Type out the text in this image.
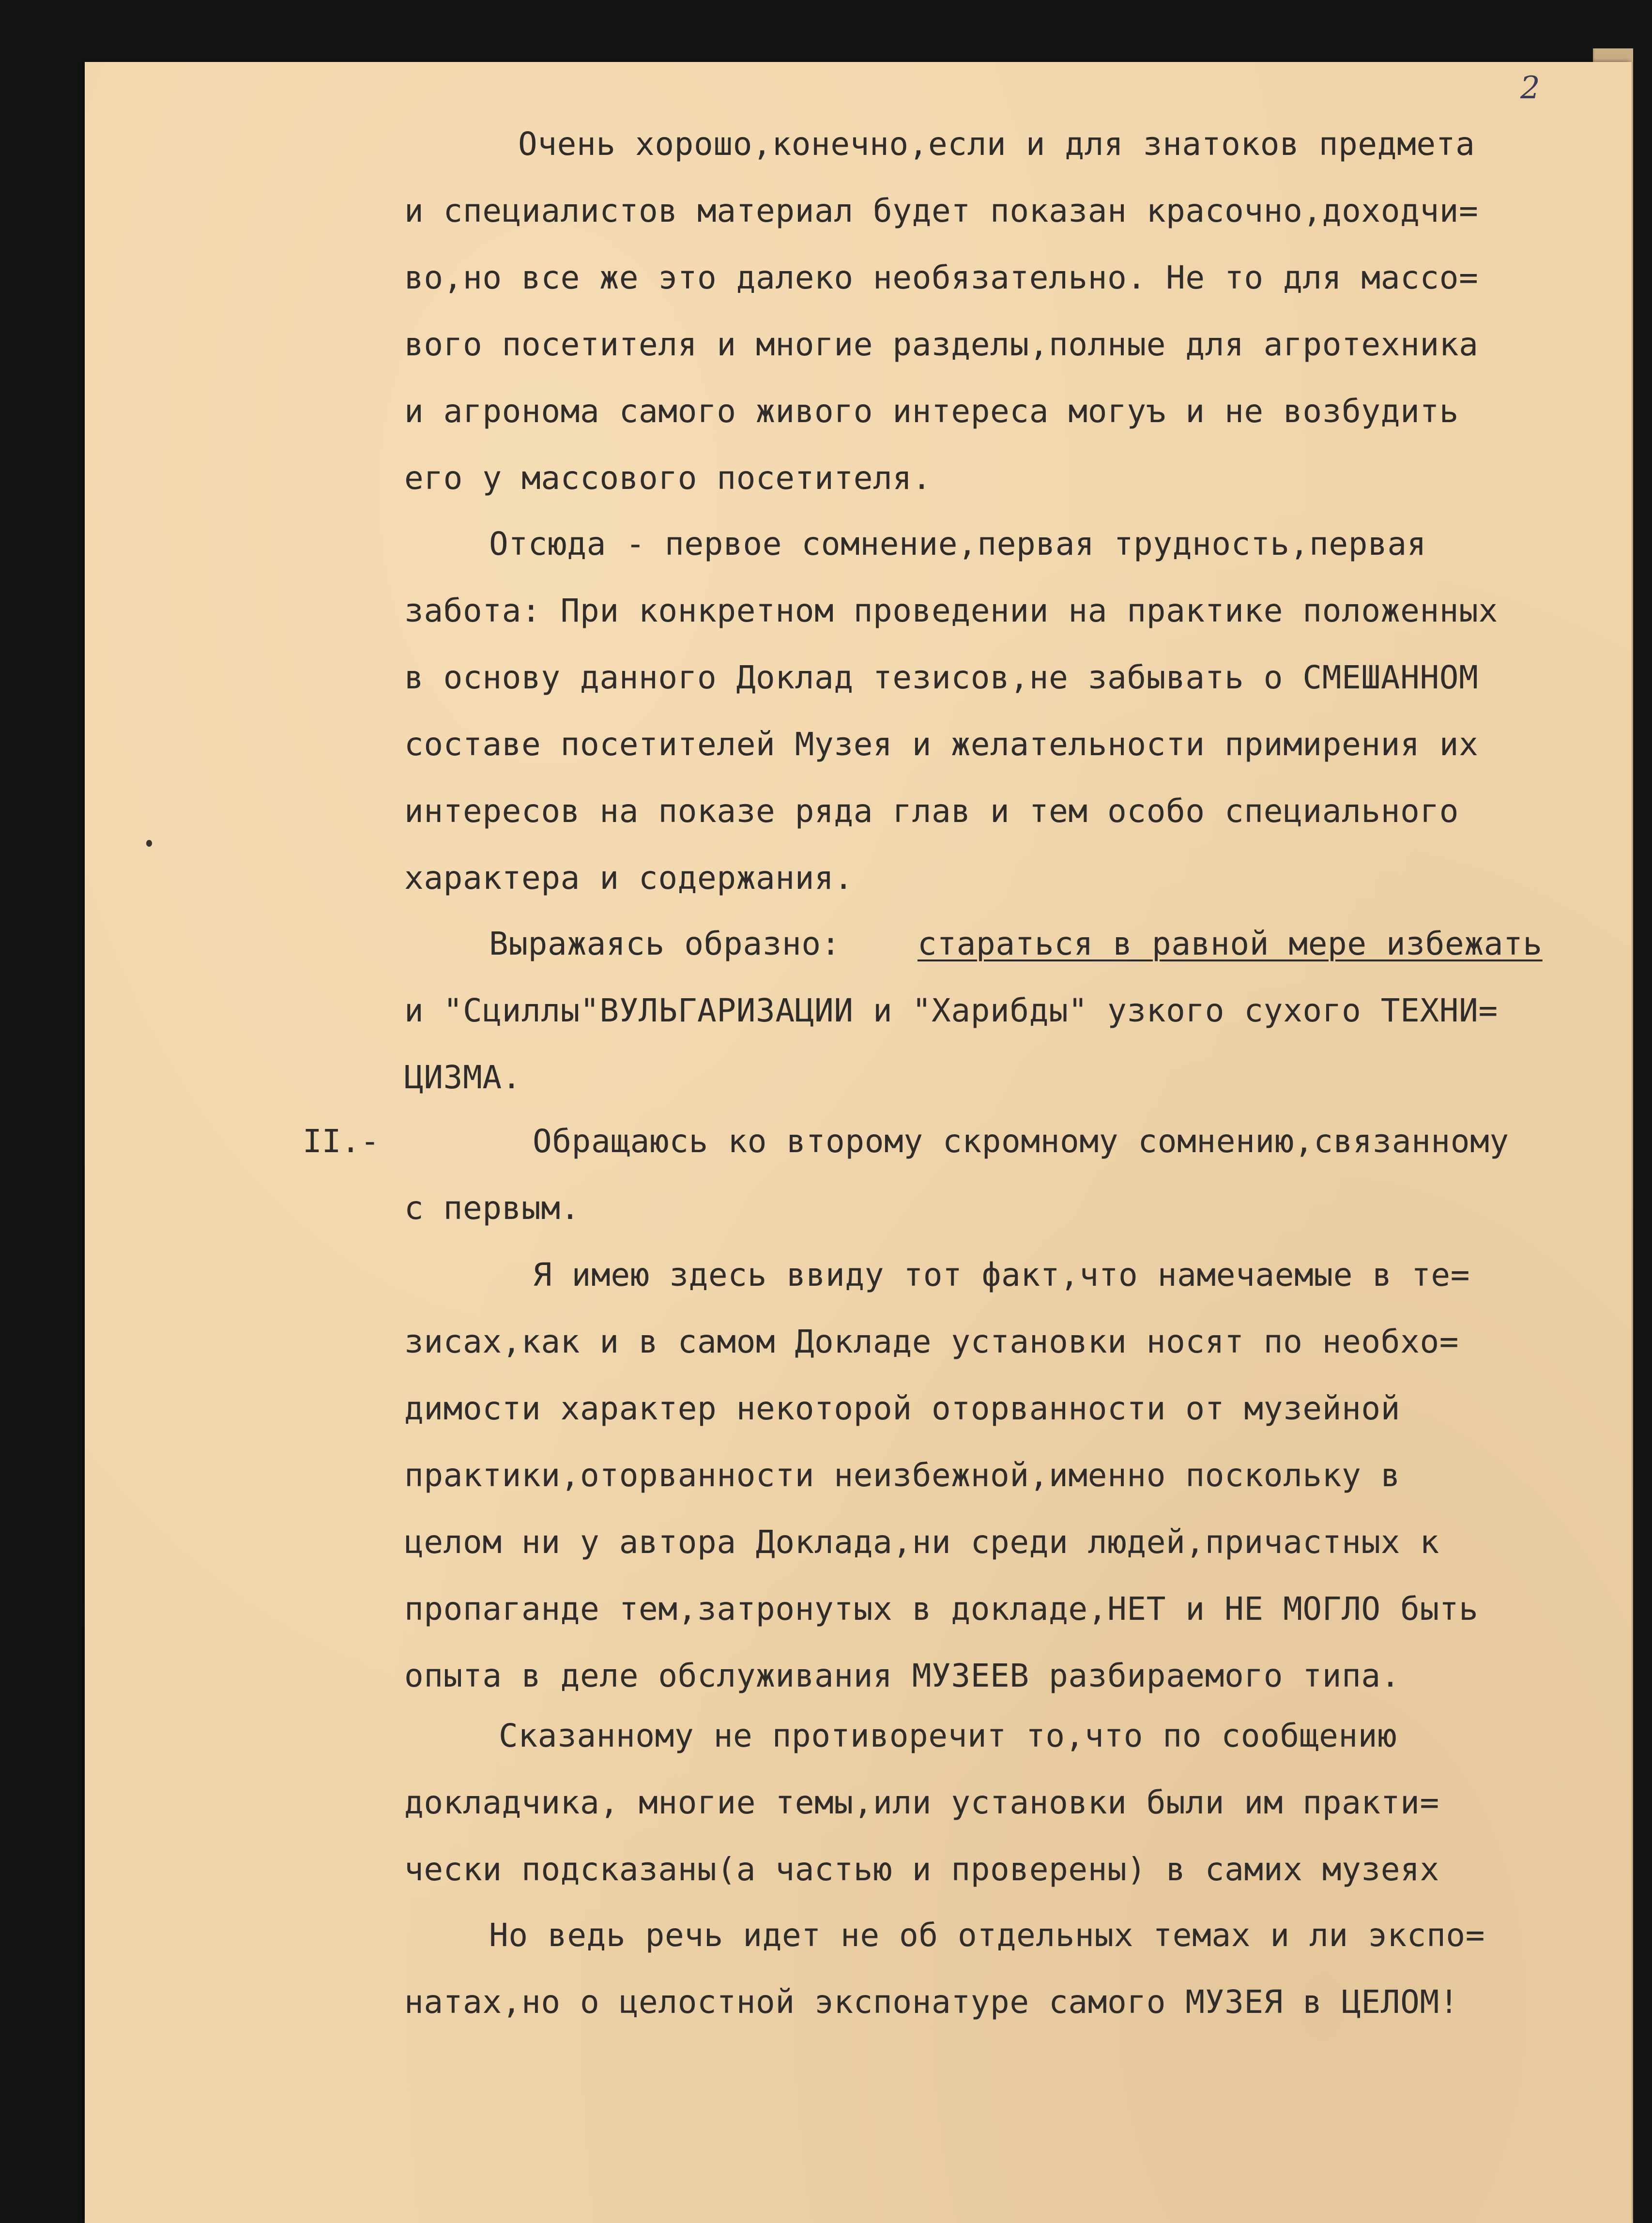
2

Очень хорошо,конечно,если и для знатоков предмета

и специалистов материал будет показан красочно,доходчи=

во,но все же это далеко необязательно. Не то для массо=

вого посетителя и многие разделы,полные для агротехника

и агронома самого живого интереса могуъ и не возбудить

его у массового посетителя.

Отсюда - первое сомнение,первая трудность,первая

забота: При конкретном проведении на практике положенных

в основу данного Доклад тезисов,не забывать о СМЕШАННОМ

составе посетителей Музея и желательности примирения их

интересов на показе ряда глав и тем особо специального

характера и содержания.

Выражаясь образно: стараться в равной мере избежать

и "Сциллы"ВУЛЬГАРИЗАЦИИ и "Харибды" узкого сухого ТЕХНИ=

ЦИЗМА.

II.-	Обращаюсь ко второму скромному сомнению,связанному

с первым.

Я имею здесь ввиду тот факт,что намечаемые в те=

зисах,как и в самом Докладе установки носят по необхо=

димости характер некоторой оторванности от музейной

практики,оторванности неизбежной,именно поскольку в

целом ни у автора Доклада,ни среди людей,причастных к

пропаганде тем,затронутых в докладе,НЕТ и НЕ МОГЛО быть

опыта в деле обслуживания МУЗЕЕВ разбираемого типа.

Сказанному не противоречит то,что по сообщению

докладчика, многие темы,или установки были им практи=

чески подсказаны(а частью и проверены) в самих музеях

Но ведь речь идет не об отдельных темах и ли экспо=

натах,но о целостной экспонатуре самого МУЗЕЯ в ЦЕЛОМ!
